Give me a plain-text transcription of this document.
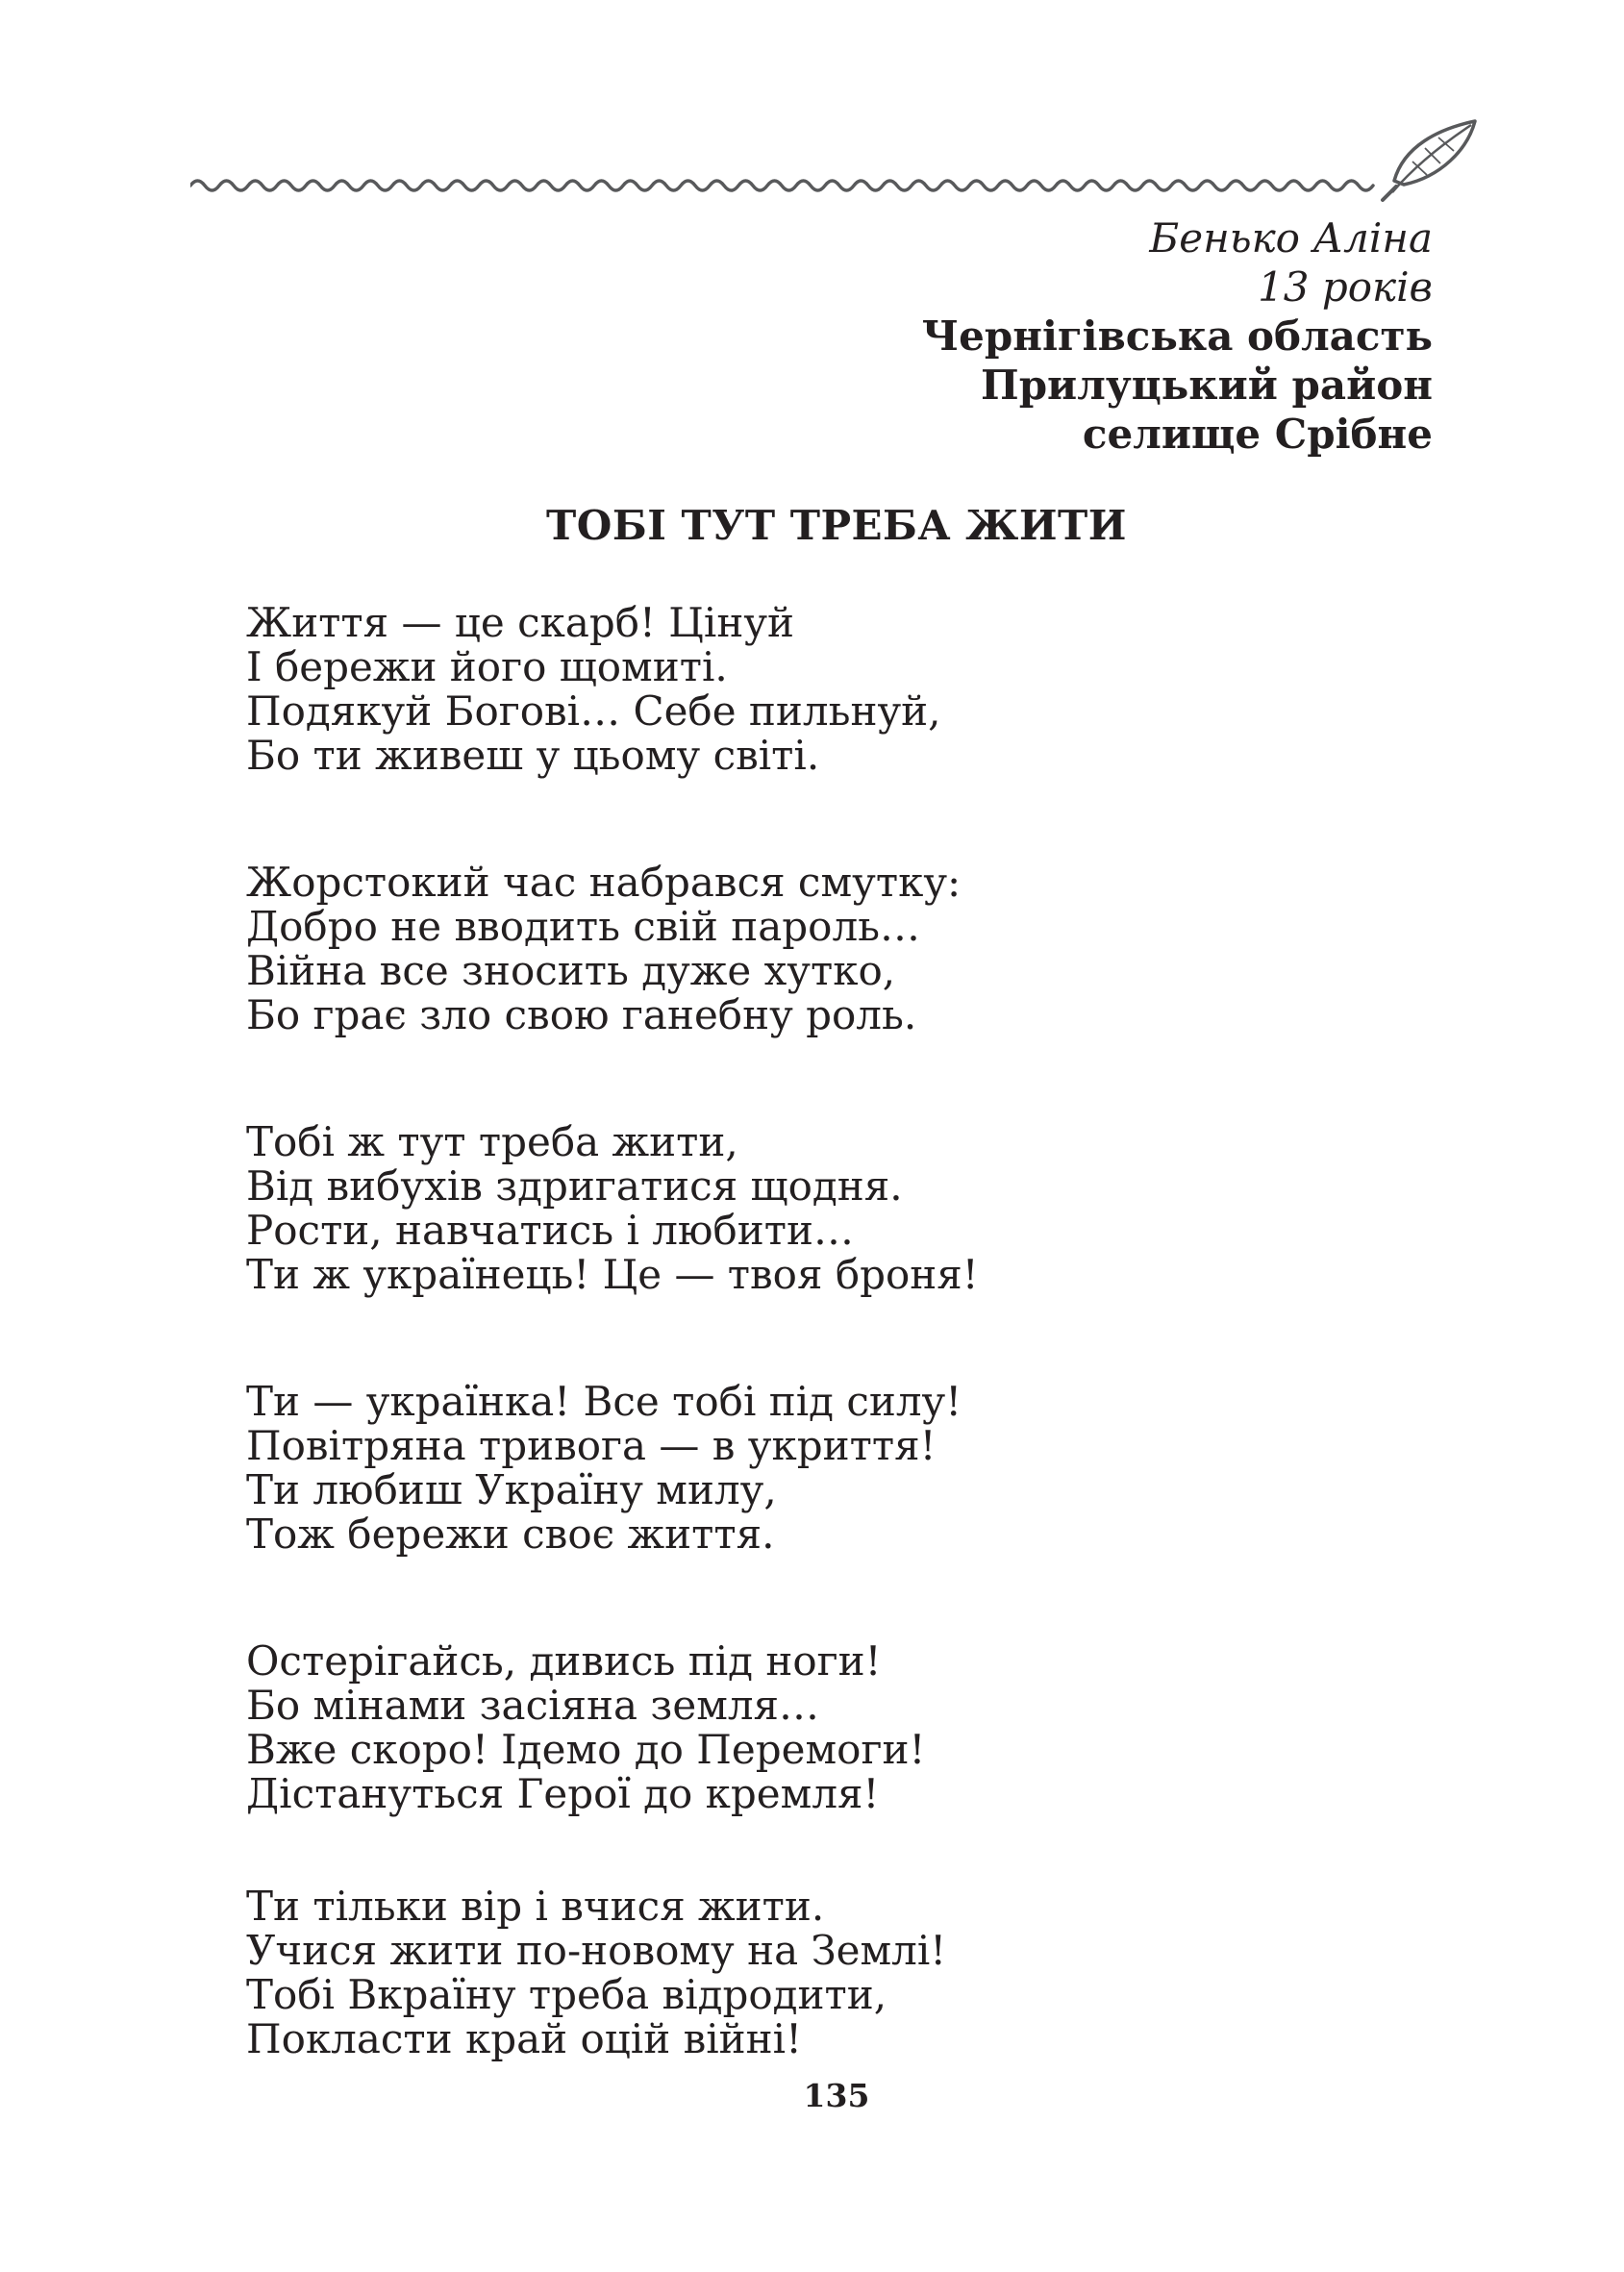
Бенько Аліна
13 років
Чернігівська область
Прилуцький район
селище Срібне
ТОБІ ТУТ ТРЕБА ЖИТИ
Життя — це скарб! Цінуй
І бережи його щомиті.
Подякуй Богові… Себе пильнуй,
Бо ти живеш у цьому світі.
Жорстокий час набрався смутку:
Добро не вводить свій пароль…
Війна все зносить дуже хутко,
Бо грає зло свою ганебну роль.
Тобі ж тут треба жити,
Від вибухів здригатися щодня.
Рости, навчатись і любити…
Ти ж українець! Це — твоя броня!
Ти — українка! Все тобі під силу!
Повітряна тривога — в укриття!
Ти любиш Україну милу,
Тож бережи своє життя.
Остерігайсь, дивись під ноги!
Бо мінами засіяна земля…
Вже скоро! Ідемо до Перемоги!
Дістануться Герої до кремля!
Ти тільки вір і вчися жити.
Учися жити по-новому на Землі!
Тобі Вкраїну треба відродити,
Покласти край оцій війні!
135
